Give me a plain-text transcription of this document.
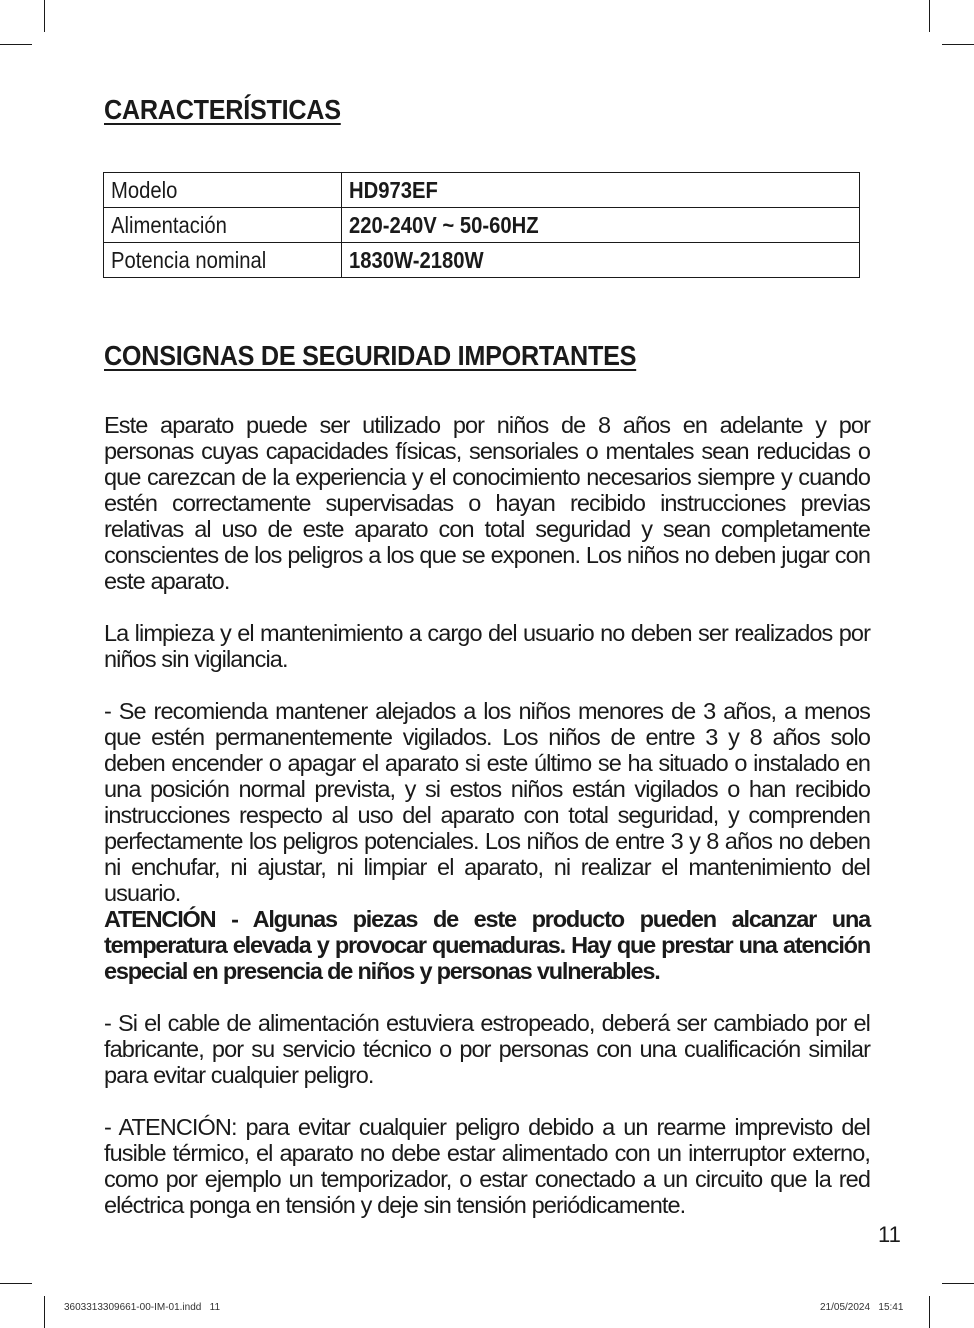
CARACTERÍSTICAS
Modelo	HD973EF
Alimentación	220-240V ~ 50-60HZ
Potencia nominal	1830W-2180W
CONSIGNAS DE SEGURIDAD IMPORTANTES

Este aparato puede ser utilizado por niños de 8 años en adelante y por personas cuyas capacidades físicas, sensoriales o mentales sean reducidas o que carezcan de la experiencia y el conocimiento necesarios siempre y cuando estén correctamente supervisadas o hayan recibido instrucciones previas relativas al uso de este aparato con total seguridad y sean completamente conscientes de los peligros a los que se exponen. Los niños no deben jugar con este aparato.

La limpieza y el mantenimiento a cargo del usuario no deben ser realizados por niños sin vigilancia.

- Se recomienda mantener alejados a los niños menores de 3 años, a menos que estén permanentemente vigilados. Los niños de entre 3 y 8 años solo deben encender o apagar el aparato si este último se ha situado o instalado en una posición normal prevista, y si estos niños están vigilados o han recibido instrucciones respecto al uso del aparato con total seguridad, y comprenden perfectamente los peligros potenciales. Los niños de entre 3 y 8 años no deben ni enchufar, ni ajustar, ni limpiar el aparato, ni realizar el mantenimiento del usuario.

ATENCIÓN - Algunas piezas de este producto pueden alcanzar una temperatura elevada y provocar quemaduras. Hay que prestar una atención especial en presencia de niños y personas vulnerables.

- Si el cable de alimentación estuviera estropeado, deberá ser cambiado por el fabricante, por su servicio técnico o por personas con una cualificación similar para evitar cualquier peligro.

- ATENCIÓN: para evitar cualquier peligro debido a un rearme imprevisto del fusible térmico, el aparato no debe estar alimentado con un interruptor externo, como por ejemplo un temporizador, o estar conectado a un circuito que la red eléctrica ponga en tensión y deje sin tensión periódicamente.

11
3603313309661-00-IM-01.indd   11	21/05/2024   15:41
